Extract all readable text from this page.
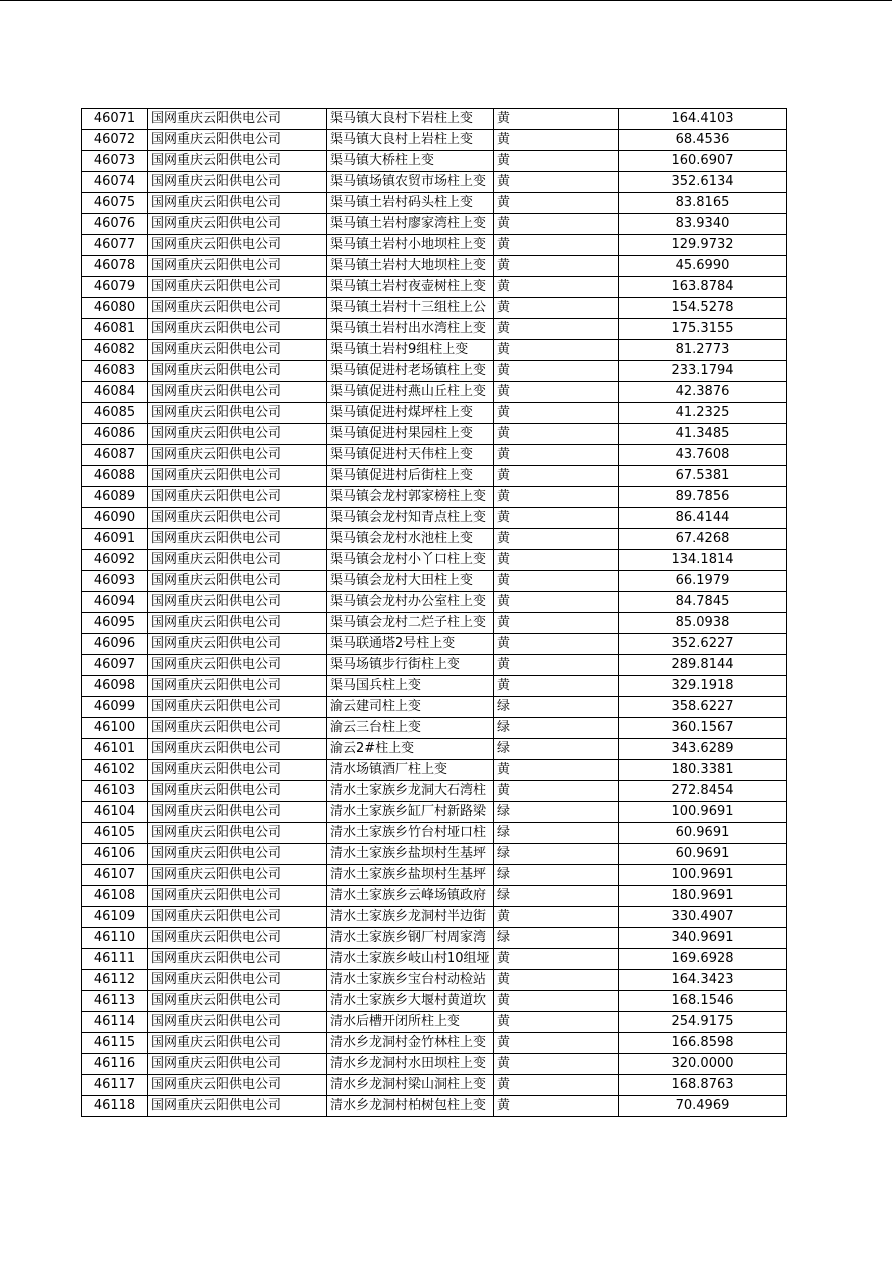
46071	国网重庆云阳供电公司	渠马镇大良村下岩柱上变	黄	164.4103
46072	国网重庆云阳供电公司	渠马镇大良村上岩柱上变	黄	68.4536
46073	国网重庆云阳供电公司	渠马镇大桥柱上变	黄	160.6907
46074	国网重庆云阳供电公司	渠马镇场镇农贸市场柱上变	黄	352.6134
46075	国网重庆云阳供电公司	渠马镇土岩村码头柱上变	黄	83.8165
46076	国网重庆云阳供电公司	渠马镇土岩村廖家湾柱上变	黄	83.9340
46077	国网重庆云阳供电公司	渠马镇土岩村小地坝柱上变	黄	129.9732
46078	国网重庆云阳供电公司	渠马镇土岩村大地坝柱上变	黄	45.6990
46079	国网重庆云阳供电公司	渠马镇土岩村夜壶树柱上变	黄	163.8784
46080	国网重庆云阳供电公司	渠马镇土岩村十三组柱上公	黄	154.5278
46081	国网重庆云阳供电公司	渠马镇土岩村出水湾柱上变	黄	175.3155
46082	国网重庆云阳供电公司	渠马镇土岩村9组柱上变	黄	81.2773
46083	国网重庆云阳供电公司	渠马镇促进村老场镇柱上变	黄	233.1794
46084	国网重庆云阳供电公司	渠马镇促进村燕山丘柱上变	黄	42.3876
46085	国网重庆云阳供电公司	渠马镇促进村煤坪柱上变	黄	41.2325
46086	国网重庆云阳供电公司	渠马镇促进村果园柱上变	黄	41.3485
46087	国网重庆云阳供电公司	渠马镇促进村天伟柱上变	黄	43.7608
46088	国网重庆云阳供电公司	渠马镇促进村后街柱上变	黄	67.5381
46089	国网重庆云阳供电公司	渠马镇会龙村郭家榜柱上变	黄	89.7856
46090	国网重庆云阳供电公司	渠马镇会龙村知青点柱上变	黄	86.4144
46091	国网重庆云阳供电公司	渠马镇会龙村水池柱上变	黄	67.4268
46092	国网重庆云阳供电公司	渠马镇会龙村小丫口柱上变	黄	134.1814
46093	国网重庆云阳供电公司	渠马镇会龙村大田柱上变	黄	66.1979
46094	国网重庆云阳供电公司	渠马镇会龙村办公室柱上变	黄	84.7845
46095	国网重庆云阳供电公司	渠马镇会龙村二烂子柱上变	黄	85.0938
46096	国网重庆云阳供电公司	渠马联通塔2号柱上变	黄	352.6227
46097	国网重庆云阳供电公司	渠马场镇步行街柱上变	黄	289.8144
46098	国网重庆云阳供电公司	渠马国兵柱上变	黄	329.1918
46099	国网重庆云阳供电公司	渝云建司柱上变	绿	358.6227
46100	国网重庆云阳供电公司	渝云三台柱上变	绿	360.1567
46101	国网重庆云阳供电公司	渝云2#柱上变	绿	343.6289
46102	国网重庆云阳供电公司	清水场镇酒厂柱上变	黄	180.3381
46103	国网重庆云阳供电公司	清水土家族乡龙洞大石湾柱	黄	272.8454
46104	国网重庆云阳供电公司	清水土家族乡缸厂村新路梁	绿	100.9691
46105	国网重庆云阳供电公司	清水土家族乡竹台村垭口柱	绿	60.9691
46106	国网重庆云阳供电公司	清水土家族乡盐坝村生基坪	绿	60.9691
46107	国网重庆云阳供电公司	清水土家族乡盐坝村生基坪	绿	100.9691
46108	国网重庆云阳供电公司	清水土家族乡云峰场镇政府	绿	180.9691
46109	国网重庆云阳供电公司	清水土家族乡龙洞村半边街	黄	330.4907
46110	国网重庆云阳供电公司	清水土家族乡钢厂村周家湾	绿	340.9691
46111	国网重庆云阳供电公司	清水土家族乡岐山村10组垭	黄	169.6928
46112	国网重庆云阳供电公司	清水土家族乡宝台村动检站	黄	164.3423
46113	国网重庆云阳供电公司	清水土家族乡大堰村黄道坎	黄	168.1546
46114	国网重庆云阳供电公司	清水后槽开闭所柱上变	黄	254.9175
46115	国网重庆云阳供电公司	清水乡龙洞村金竹林柱上变	黄	166.8598
46116	国网重庆云阳供电公司	清水乡龙洞村水田坝柱上变	黄	320.0000
46117	国网重庆云阳供电公司	清水乡龙洞村梁山洞柱上变	黄	168.8763
46118	国网重庆云阳供电公司	清水乡龙洞村柏树包柱上变	黄	70.4969
